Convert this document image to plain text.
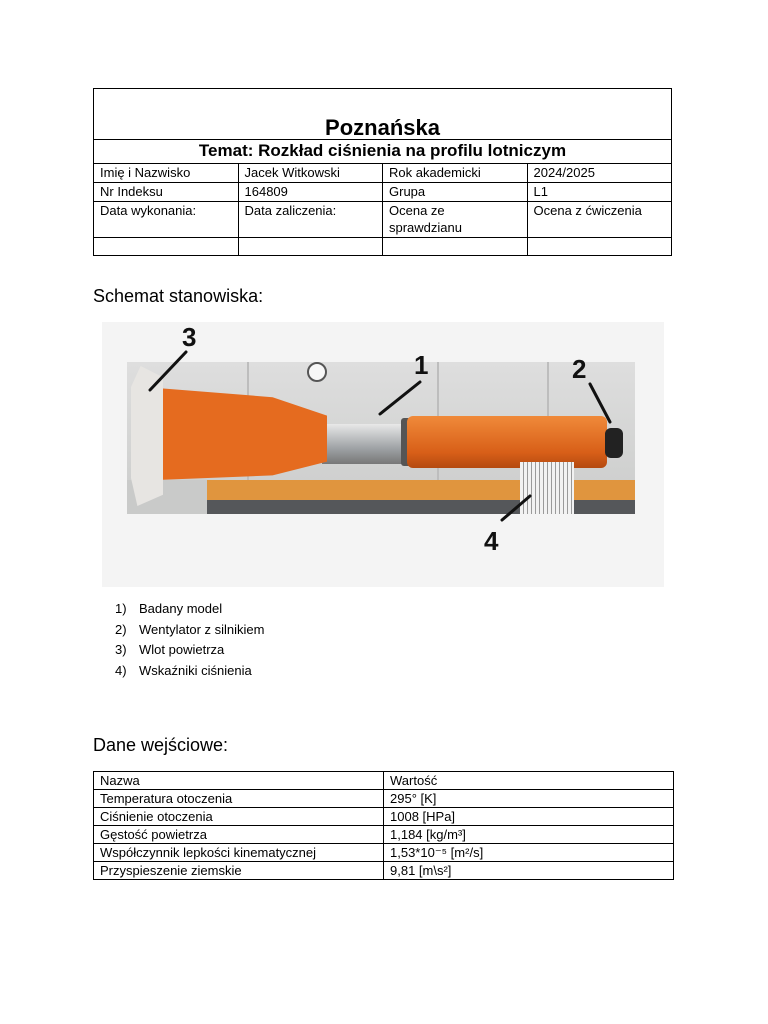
Poznańska			
Temat: Rozkład ciśnienia na profilu lotniczym			
Imię i Nazwisko	Jacek Witkowski	Rok akademicki	2024/2025
Nr Indeksu	164809	Grupa	L1
Data wykonania:	Data zaliczenia:	Ocena ze sprawdzianu	Ocena z ćwiczenia

Schemat stanowiska:
1	2
3
4
1) Badany model
2) Wentylator z silnikiem
3) Wlot powietrza
4) Wskaźniki ciśnienia
Dane wejściowe:
Nazwa	Wartość
Temperatura otoczenia	295° [K]
Ciśnienie otoczenia	1008 [HPa]
Gęstość powietrza	1,184 [kg/m³]
Współczynnik lepkości kinematycznej	1,53*10⁻⁵ [m²/s]
Przyspieszenie ziemskie	9,81 [m\s²]
